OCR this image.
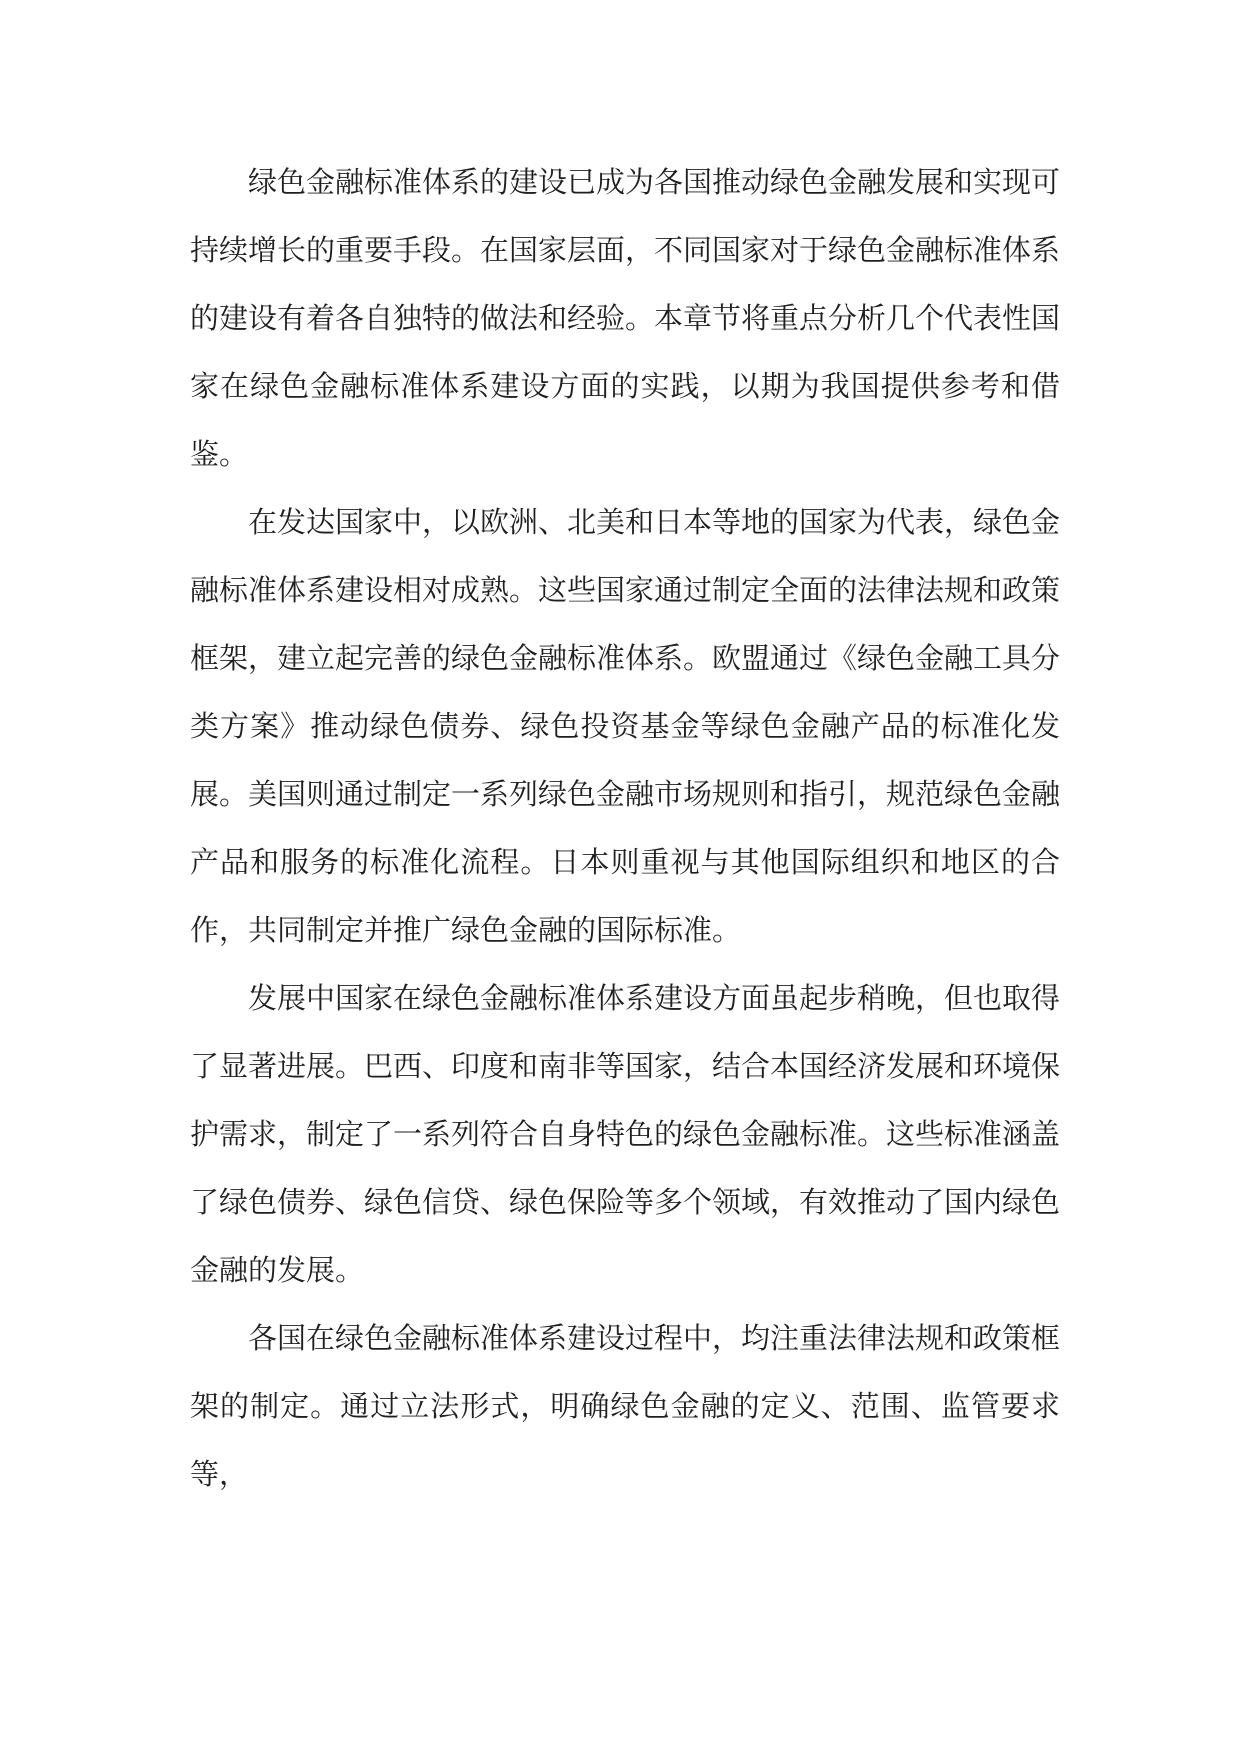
绿色金融标准体系的建设已成为各国推动绿色金融发展和实现可持续增长的重要手段。在国家层面，不同国家对于绿色金融标准体系的建设有着各自独特的做法和经验。本章节将重点分析几个代表性国家在绿色金融标准体系建设方面的实践，以期为我国提供参考和借鉴。

在发达国家中，以欧洲、北美和日本等地的国家为代表，绿色金融标准体系建设相对成熟。这些国家通过制定全面的法律法规和政策框架，建立起完善的绿色金融标准体系。欧盟通过《绿色金融工具分类方案》推动绿色债券、绿色投资基金等绿色金融产品的标准化发展。美国则通过制定一系列绿色金融市场规则和指引，规范绿色金融产品和服务的标准化流程。日本则重视与其他国际组织和地区的合作，共同制定并推广绿色金融的国际标准。

发展中国家在绿色金融标准体系建设方面虽起步稍晚，但也取得了显著进展。巴西、印度和南非等国家，结合本国经济发展和环境保护需求，制定了一系列符合自身特色的绿色金融标准。这些标准涵盖了绿色债券、绿色信贷、绿色保险等多个领域，有效推动了国内绿色金融的发展。

各国在绿色金融标准体系建设过程中，均注重法律法规和政策框架的制定。通过立法形式，明确绿色金融的定义、范围、监管要求等，
